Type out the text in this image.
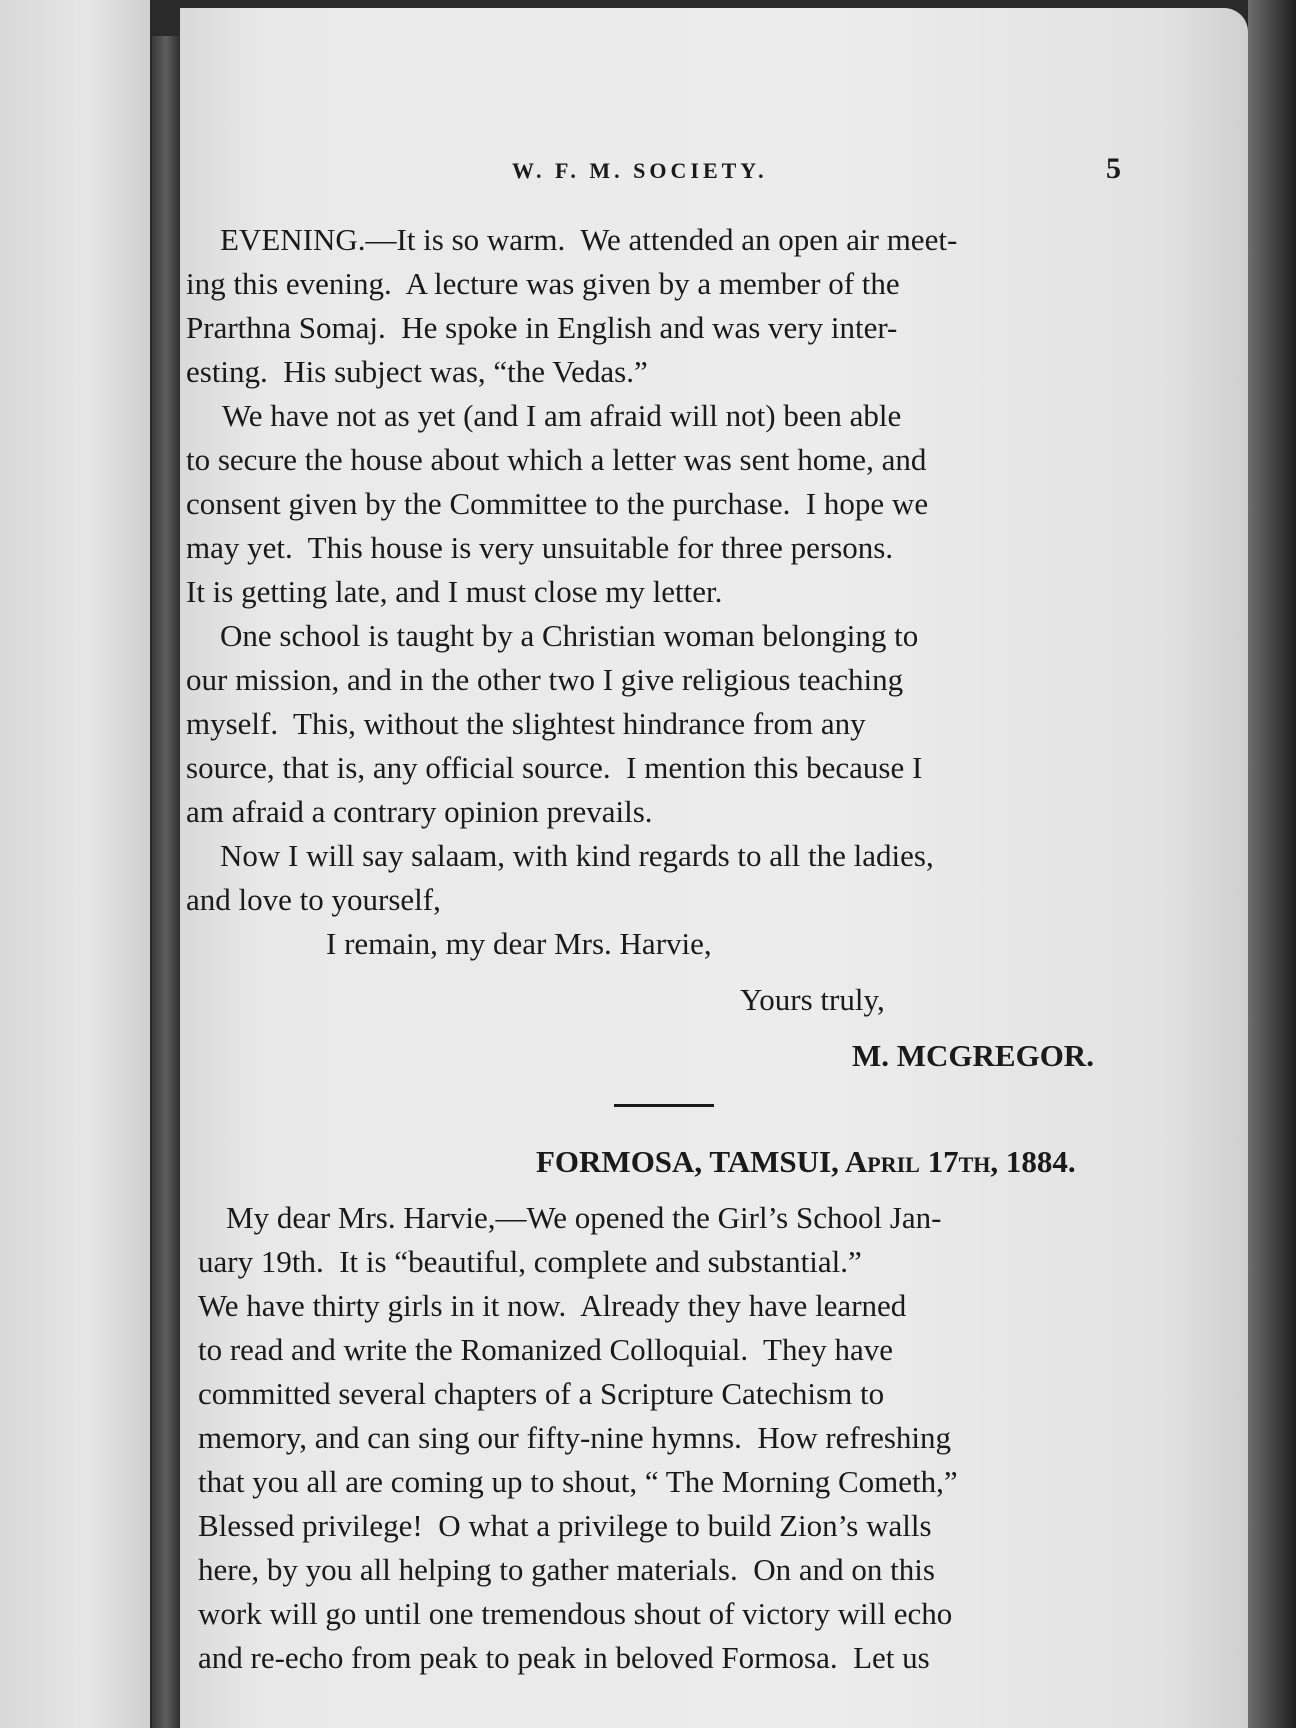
W. F. M. SOCIETY.	5
EVENING.—It is so warm.  We attended an open air meet-
ing this evening.  A lecture was given by a member of the
Prarthna Somaj.  He spoke in English and was very inter-
esting.  His subject was, “the Vedas.”
We have not as yet (and I am afraid will not) been able
to secure the house about which a letter was sent home, and
consent given by the Committee to the purchase.  I hope we
may yet.  This house is very unsuitable for three persons.
It is getting late, and I must close my letter.
One school is taught by a Christian woman belonging to
our mission, and in the other two I give religious teaching
myself.  This, without the slightest hindrance from any
source, that is, any official source.  I mention this because I
am afraid a contrary opinion prevails.
Now I will say salaam, with kind regards to all the ladies,
and love to yourself,
I remain, my dear Mrs. Harvie,
Yours truly,
M. MCGREGOR.
FORMOSA, TAMSUI, April 17th, 1884.
My dear Mrs. Harvie,—We opened the Girl’s School Jan-
uary 19th.  It is “beautiful, complete and substantial.”
We have thirty girls in it now.  Already they have learned
to read and write the Romanized Colloquial.  They have
committed several chapters of a Scripture Catechism to
memory, and can sing our fifty-nine hymns.  How refreshing
that you all are coming up to shout, “ The Morning Cometh,”
Blessed privilege!  O what a privilege to build Zion’s walls
here, by you all helping to gather materials.  On and on this
work will go until one tremendous shout of victory will echo
and re-echo from peak to peak in beloved Formosa.  Let us
